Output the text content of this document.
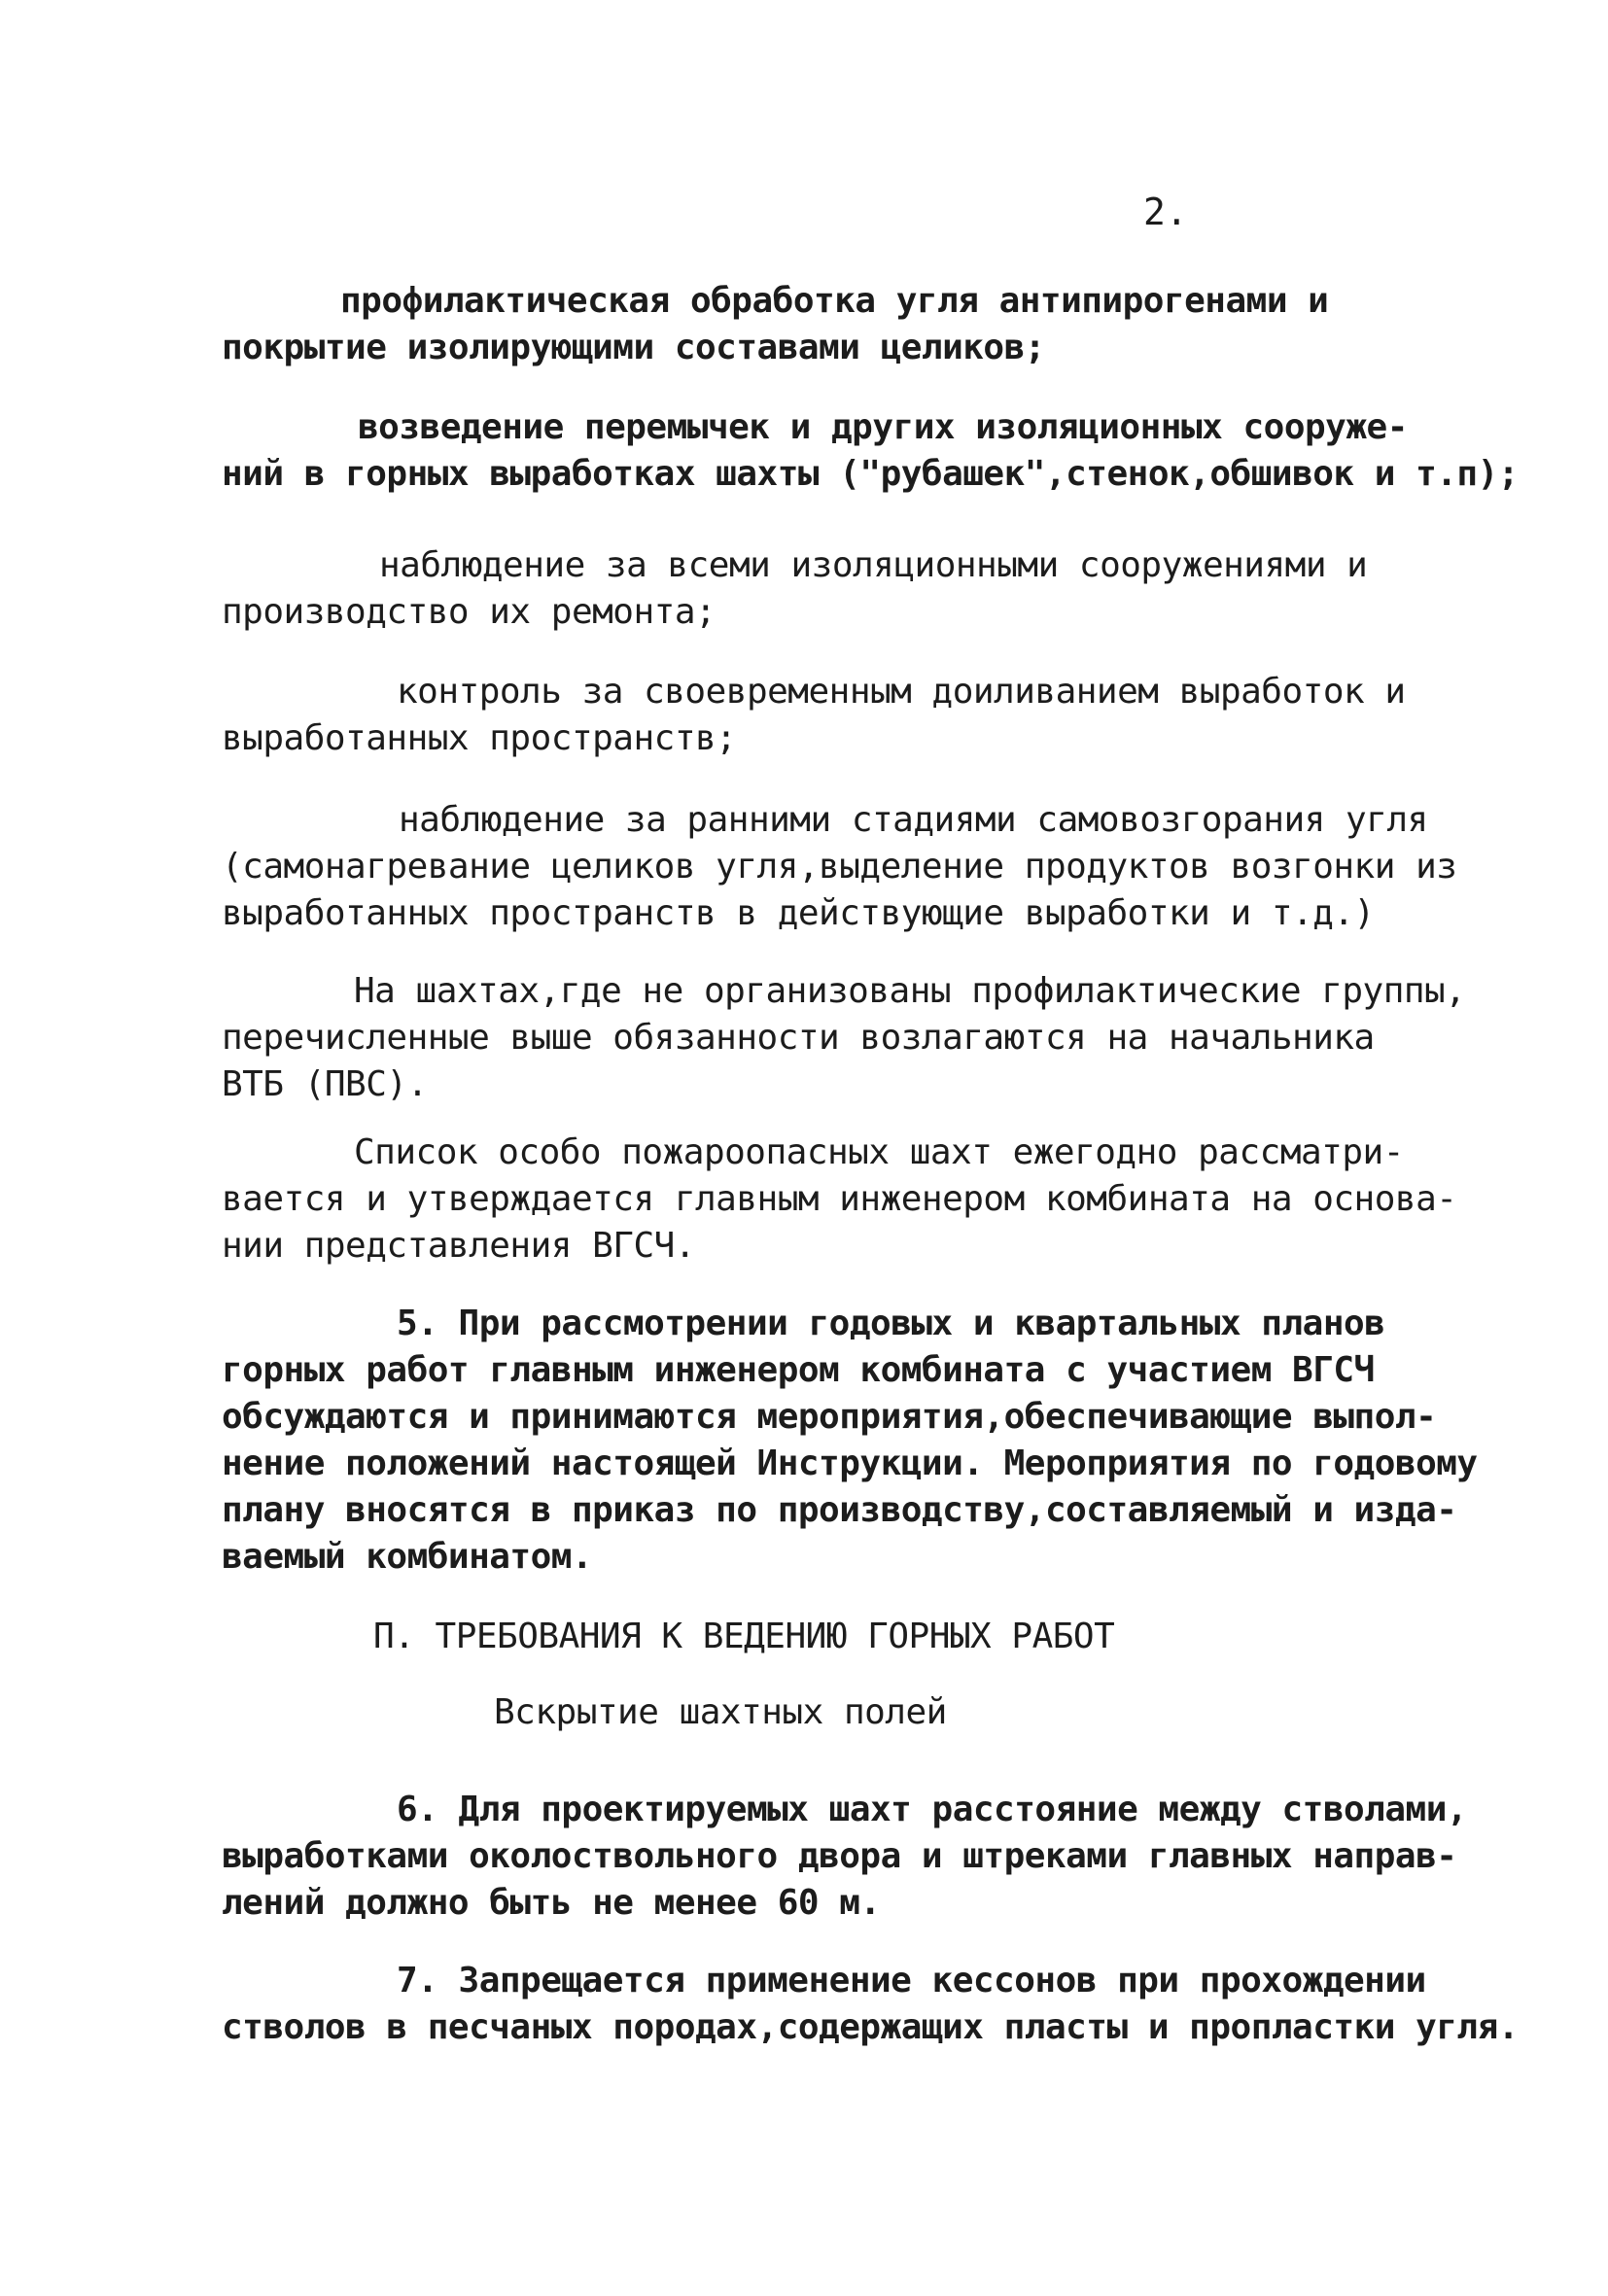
2.
профилактическая обработка угля антипирогенами и
покрытие изолирующими составами целиков;
возведение перемычек и других изоляционных сооруже-
ний в горных выработках шахты ("рубашек",стенок,обшивок и т.п);
наблюдение за всеми изоляционными сооружениями и
производство их ремонта;
контроль за своевременным доиливанием выработок и
выработанных пространств;
наблюдение за ранними стадиями самовозгорания угля
(самонагревание целиков угля,выделение продуктов возгонки из
выработанных пространств в действующие выработки и т.д.)
На шахтах,где не организованы профилактические группы,
перечисленные выше обязанности возлагаются на начальника
ВТБ (ПВС).
Список особо пожароопасных шахт ежегодно рассматри-
вается и утверждается главным инженером комбината на основа-
нии представления ВГСЧ.
5. При рассмотрении годовых и квартальных планов
горных работ главным инженером комбината с участием ВГСЧ
обсуждаются и принимаются мероприятия,обеспечивающие выпол-
нение положений настоящей Инструкции. Мероприятия по годовому
плану вносятся в приказ по производству,составляемый и изда-
ваемый комбинатом.
П. ТРЕБОВАНИЯ К ВЕДЕНИЮ ГОРНЫХ РАБОТ
Вскрытие шахтных полей
6. Для проектируемых шахт расстояние между стволами,
выработками околоствольного двора и штреками главных направ-
лений должно быть не менее 60 м.
7. Запрещается применение кессонов при прохождении
стволов в песчаных породах,содержащих пласты и пропластки угля.
